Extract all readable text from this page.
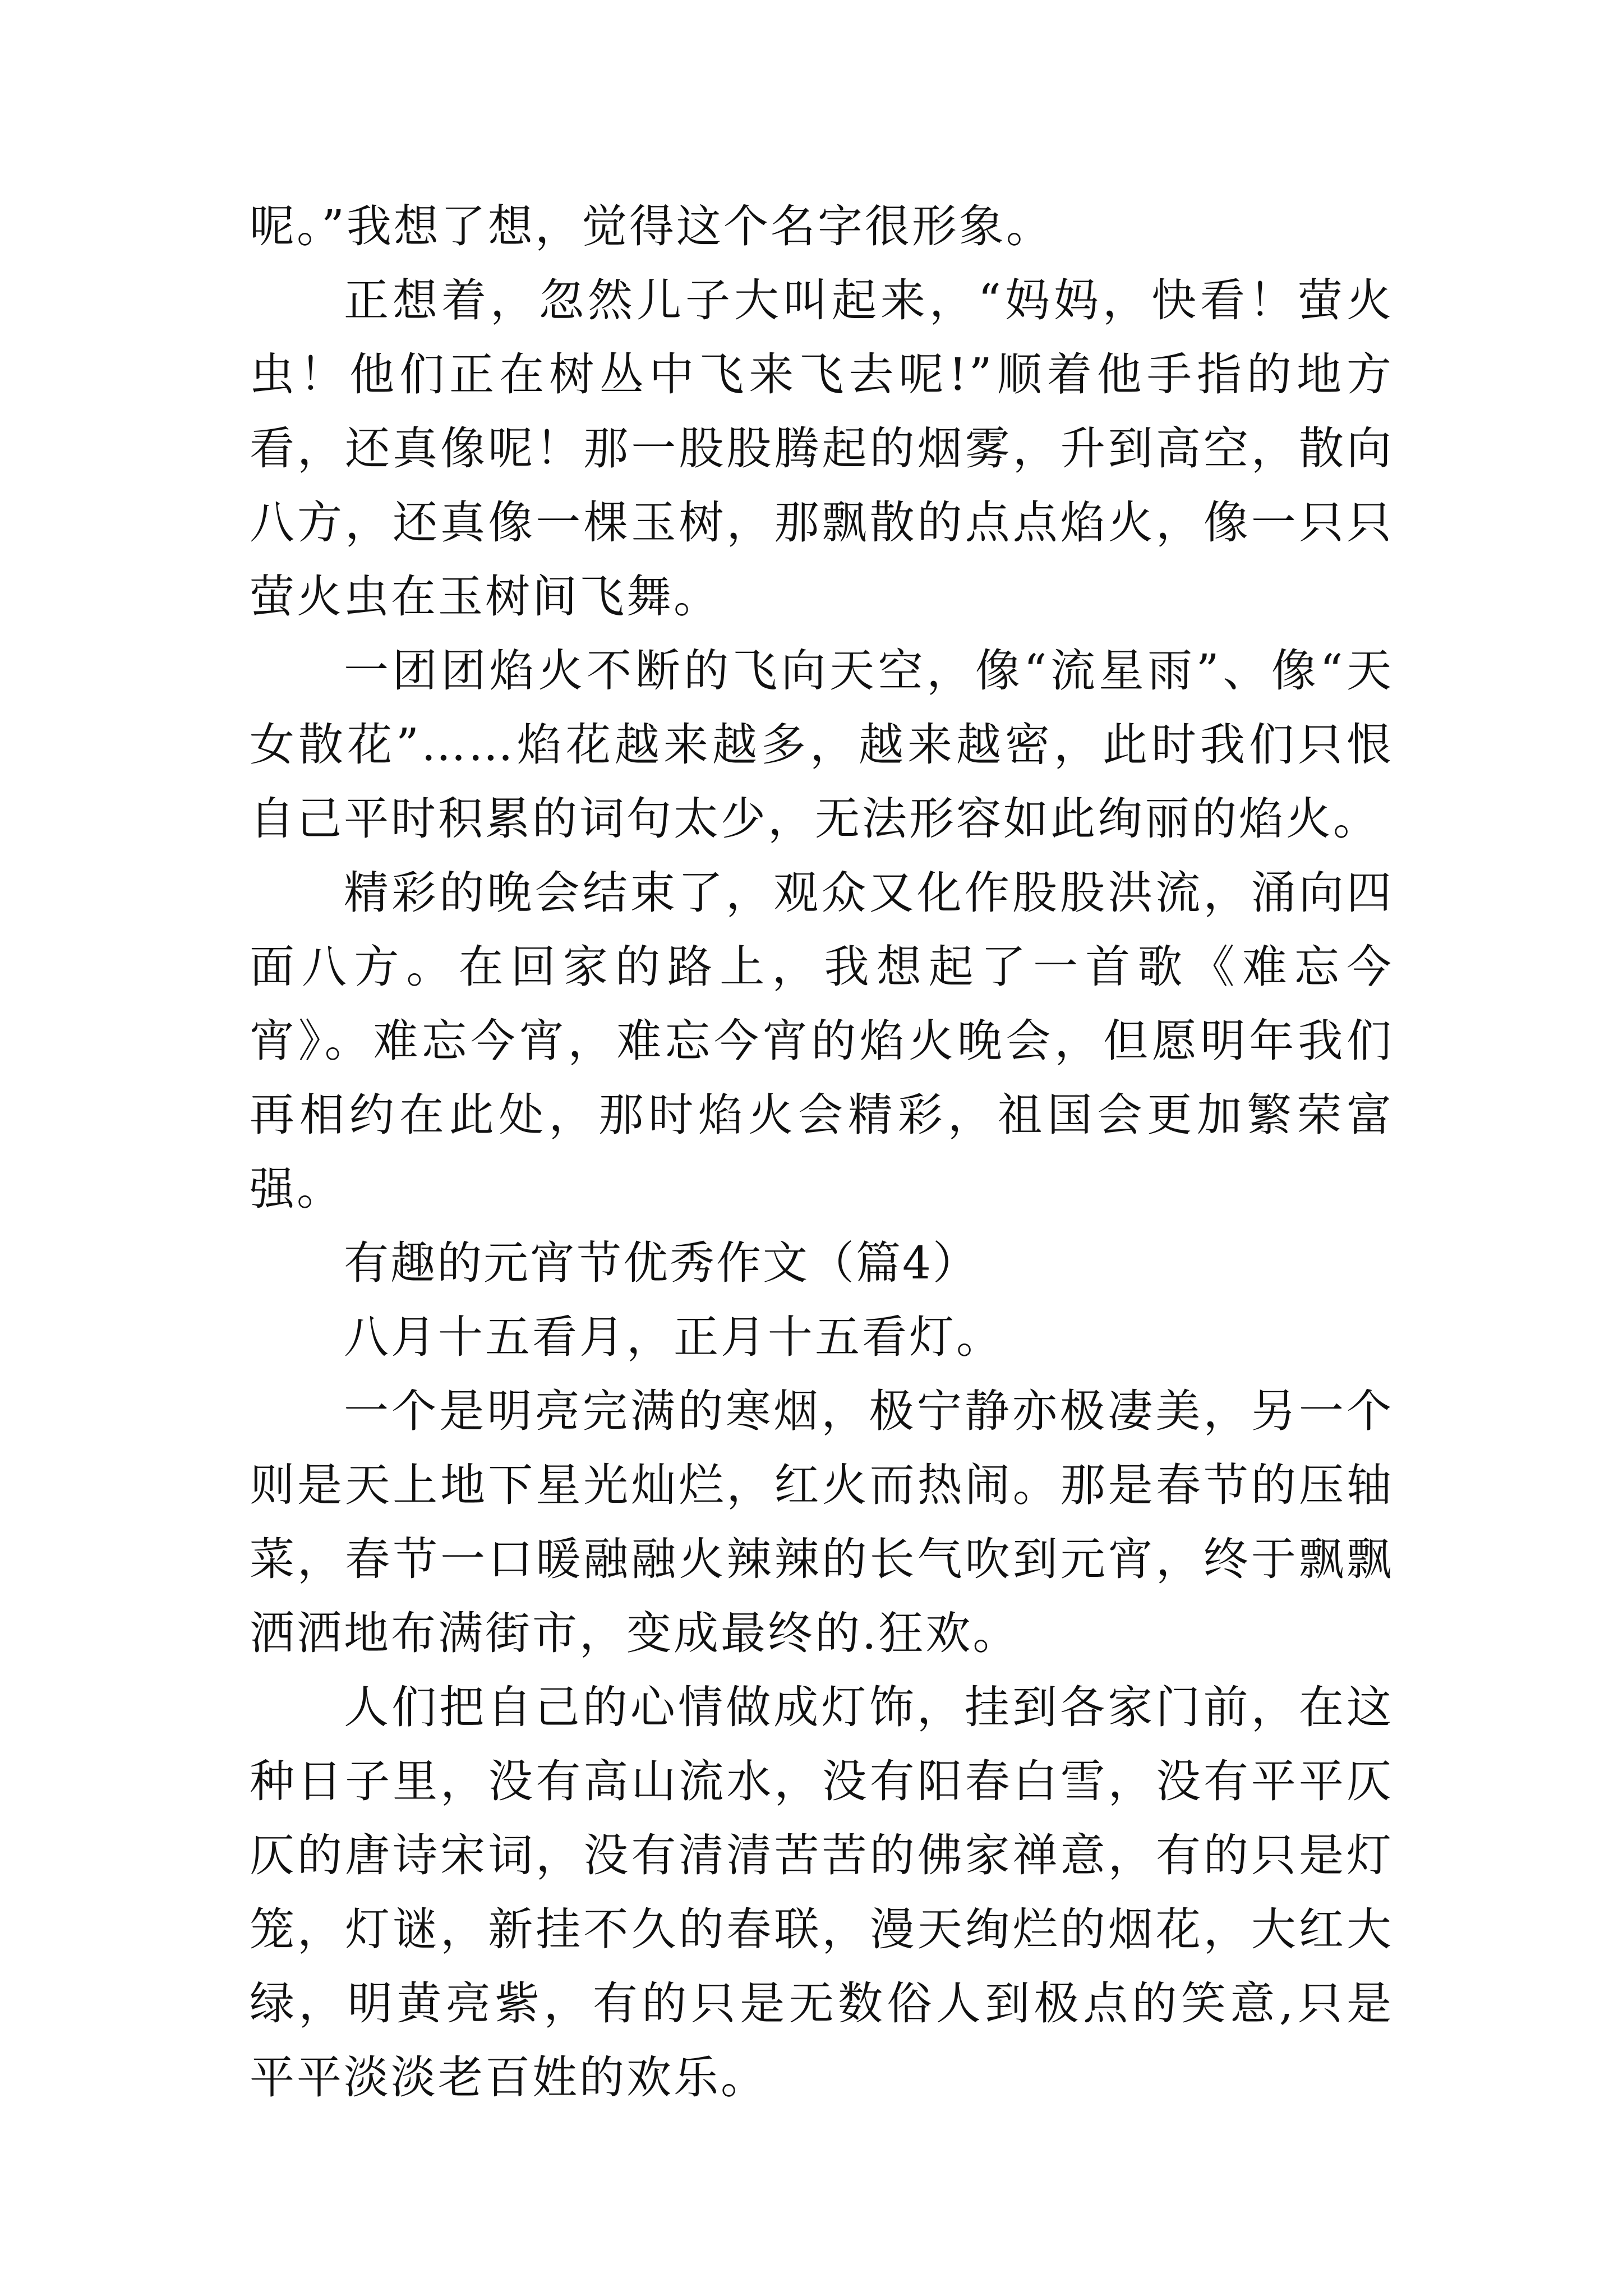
呢。”我想了想，觉得这个名字很形象。

正想着，忽然儿子大叫起来，“妈妈，快看！萤火虫！他们正在树丛中飞来飞去呢!”顺着他手指的地方看，还真像呢！那一股股腾起的烟雾，升到高空，散向八方，还真像一棵玉树，那飘散的点点焰火，像一只只萤火虫在玉树间飞舞。

一团团焰火不断的飞向天空，像“流星雨”、像“天女散花”……焰花越来越多，越来越密，此时我们只恨自己平时积累的词句太少，无法形容如此绚丽的焰火。

精彩的晚会结束了，观众又化作股股洪流，涌向四面八方。在回家的路上，我想起了一首歌《难忘今宵》。难忘今宵，难忘今宵的焰火晚会，但愿明年我们再相约在此处，那时焰火会精彩，祖国会更加繁荣富强。

有趣的元宵节优秀作文（篇4）

八月十五看月，正月十五看灯。

一个是明亮完满的寒烟，极宁静亦极凄美，另一个则是天上地下星光灿烂，红火而热闹。那是春节的压轴菜，春节一口暖融融火辣辣的长气吹到元宵，终于飘飘洒洒地布满街市，变成最终的.狂欢。

人们把自己的心情做成灯饰，挂到各家门前，在这种日子里，没有高山流水，没有阳春白雪，没有平平仄仄的唐诗宋词，没有清清苦苦的佛家禅意，有的只是灯笼，灯谜，新挂不久的春联，漫天绚烂的烟花，大红大绿，明黄亮紫，有的只是无数俗人到极点的笑意,只是平平淡淡老百姓的欢乐。
